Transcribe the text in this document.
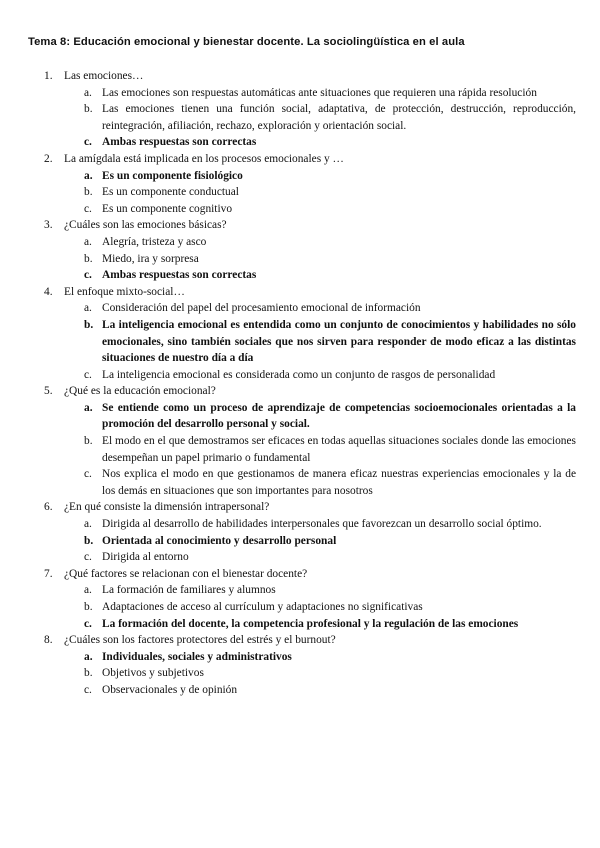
Tema 8: Educación emocional y bienestar docente. La sociolingüística en el aula
1. Las emociones…
a. Las emociones son respuestas automáticas ante situaciones que requieren una rápida resolución
b. Las emociones tienen una función social, adaptativa, de protección, destrucción, reproducción, reintegración, afiliación, rechazo, exploración y orientación social.
c. Ambas respuestas son correctas
2. La amígdala está implicada en los procesos emocionales y …
a. Es un componente fisiológico
b. Es un componente conductual
c. Es un componente cognitivo
3. ¿Cuáles son las emociones básicas?
a. Alegría, tristeza y asco
b. Miedo, ira y sorpresa
c. Ambas respuestas son correctas
4. El enfoque mixto-social…
a. Consideración del papel del procesamiento emocional de información
b. La inteligencia emocional es entendida como un conjunto de conocimientos y habilidades no sólo emocionales, sino también sociales que nos sirven para responder de modo eficaz a las distintas situaciones de nuestro día a día
c. La inteligencia emocional es considerada como un conjunto de rasgos de personalidad
5. ¿Qué es la educación emocional?
a. Se entiende como un proceso de aprendizaje de competencias socioemocionales orientadas a la promoción del desarrollo personal y social.
b. El modo en el que demostramos ser eficaces en todas aquellas situaciones sociales donde las emociones desempeñan un papel primario o fundamental
c. Nos explica el modo en que gestionamos de manera eficaz nuestras experiencias emocionales y la de los demás en situaciones que son importantes para nosotros
6. ¿En qué consiste la dimensión intrapersonal?
a. Dirigida al desarrollo de habilidades interpersonales que favorezcan un desarrollo social óptimo.
b. Orientada al conocimiento y desarrollo personal
c. Dirigida al entorno
7. ¿Qué factores se relacionan con el bienestar docente?
a. La formación de familiares y alumnos
b. Adaptaciones de acceso al currículum y adaptaciones no significativas
c. La formación del docente, la competencia profesional y la regulación de las emociones
8. ¿Cuáles son los factores protectores del estrés y el burnout?
a. Individuales, sociales y administrativos
b. Objetivos y subjetivos
c. Observacionales y de opinión
